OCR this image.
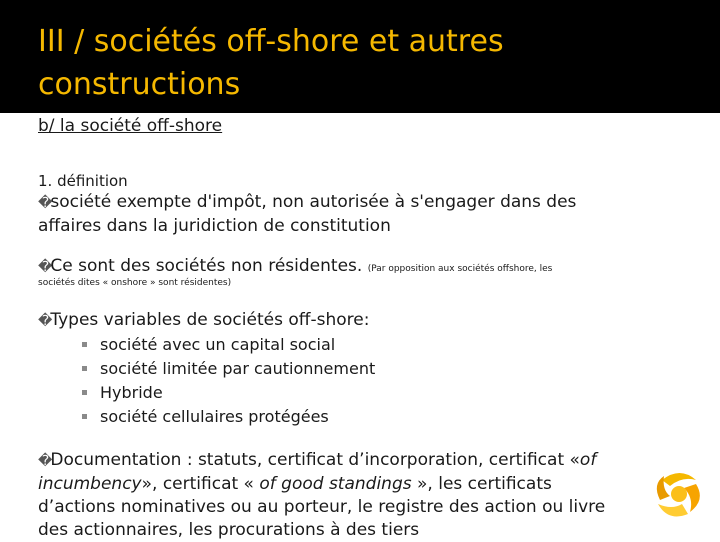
III / sociétés off-shore et autres constructions
b/ la société off-shore
1. définition
�société exempte d'impôt, non autorisée à s'engager dans des affaires dans la juridiction de constitution
�Ce sont des sociétés non résidentes. (Par opposition aux sociétés offshore, les
sociétés dites « onshore » sont résidentes)
�Types variables de sociétés off-shore:
société avec un capital social
société limitée par cautionnement
Hybride
société cellulaires protégées
�Documentation : statuts, certificat d’incorporation, certificat «of incumbency», certificat « of good standings », les certificats d’actions nominatives ou au porteur, le registre des action ou livre des actionnaires, les procurations à des tiers
